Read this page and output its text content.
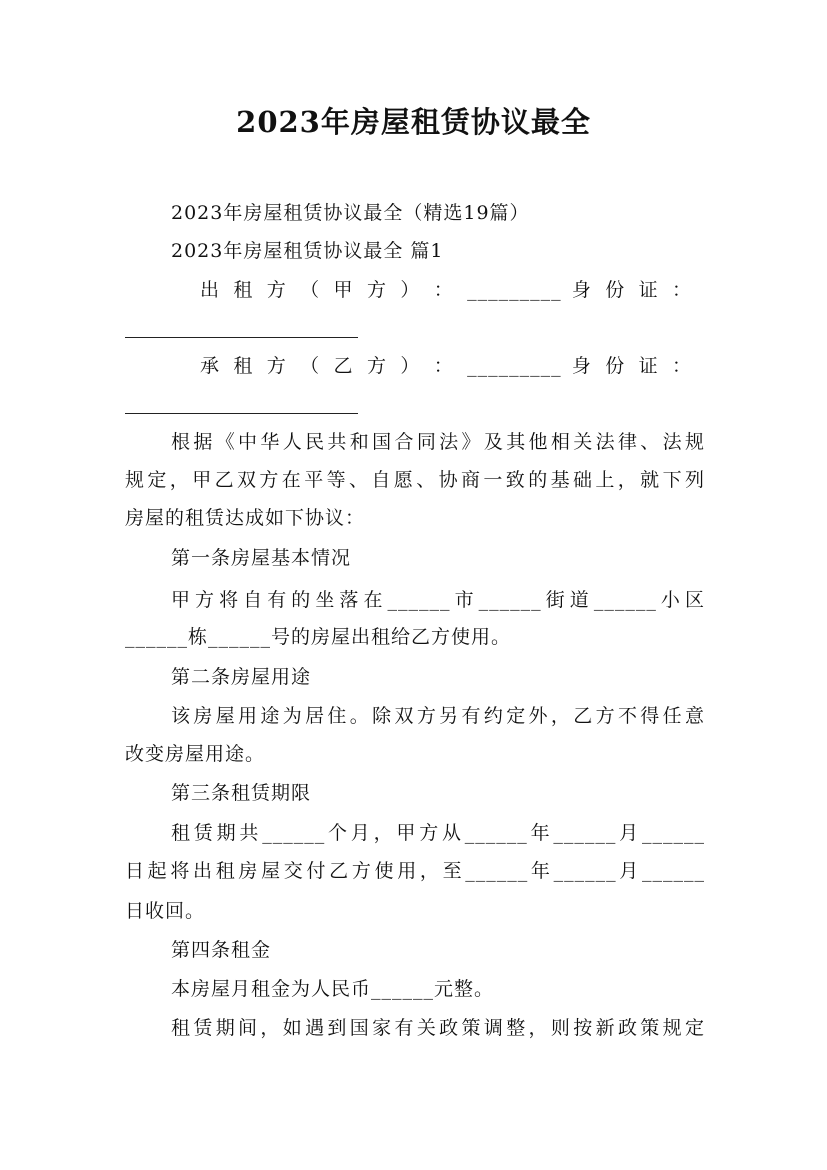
2023年房屋租赁协议最全
2023年房屋租赁协议最全（精选19篇）
2023年房屋租赁协议最全 篇1
出 租 方 （ 甲 方 ） ： _________ 身 份 证 ：
承 租 方 （ 乙 方 ） ： _________ 身 份 证 ：
根据《中华人民共和国合同法》及其他相关法律、法规
规定，甲乙双方在平等、自愿、协商一致的基础上，就下列
房屋的租赁达成如下协议：
第一条房屋基本情况
甲方将自有的坐落在______市______街道______小区
______栋______号的房屋出租给乙方使用。
第二条房屋用途
该房屋用途为居住。除双方另有约定外，乙方不得任意
改变房屋用途。
第三条租赁期限
租赁期共______个月，甲方从______年______月______
日起将出租房屋交付乙方使用，至______年______月______
日收回。
第四条租金
本房屋月租金为人民币______元整。
租赁期间，如遇到国家有关政策调整，则按新政策规定
